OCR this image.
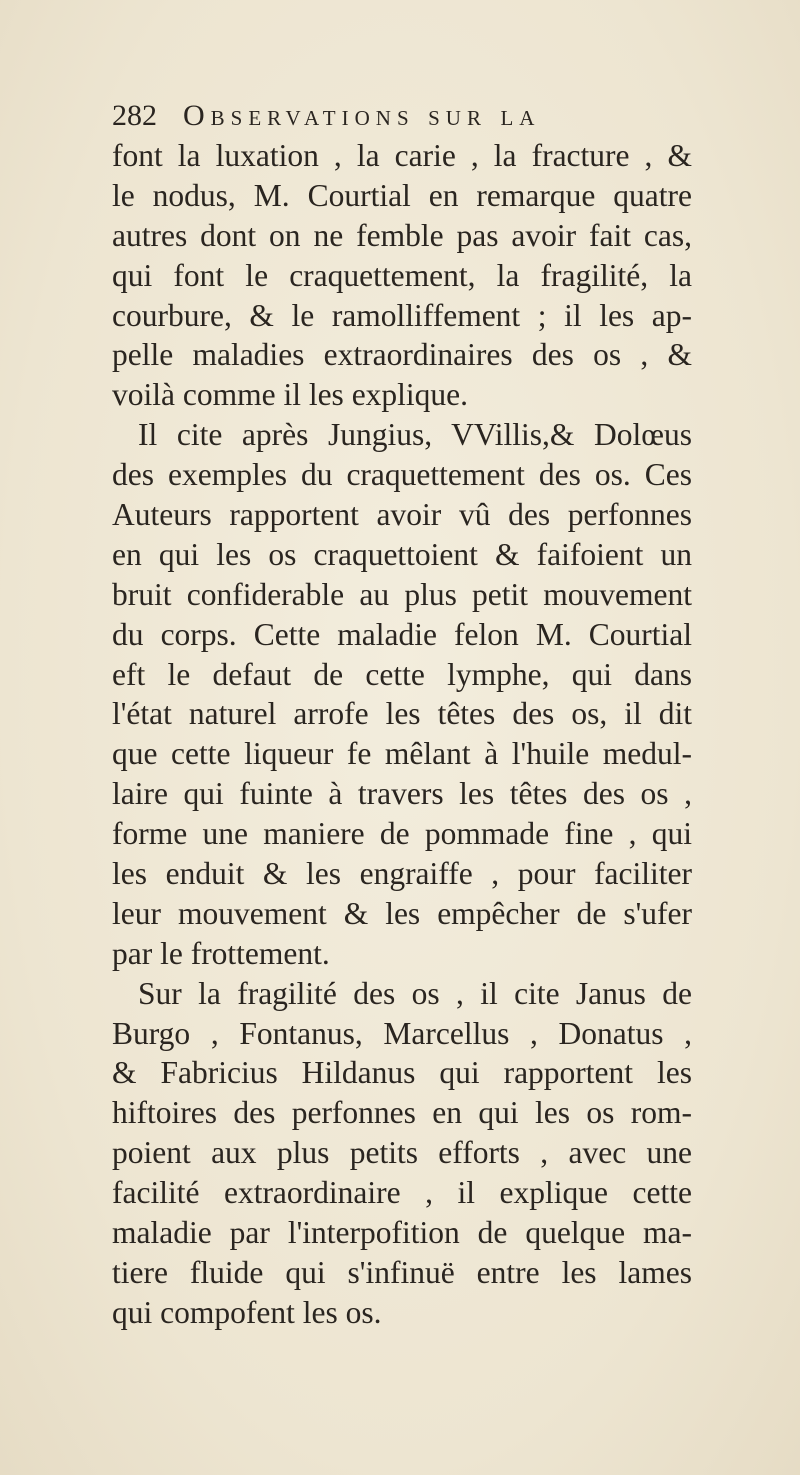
282 Observations sur la
font la luxation , la carie , la fracture , &
le nodus, M. Courtial en remarque quatre
autres dont on ne femble pas avoir fait cas,
qui font le craquettement, la fragilité, la
courbure, & le ramolliffement ; il les ap-
pelle maladies extraordinaires des os , &
voilà comme il les explique.
Il cite après Jungius, VVillis,& Dolœus
des exemples du craquettement des os. Ces
Auteurs rapportent avoir vû des perfonnes
en qui les os craquettoient & faifoient un
bruit confiderable au plus petit mouvement
du corps. Cette maladie felon M. Courtial
eft le defaut de cette lymphe, qui dans
l'état naturel arrofe les têtes des os, il dit
que cette liqueur fe mêlant à l'huile medul-
laire qui fuinte à travers les têtes des os ,
forme une maniere de pommade fine , qui
les enduit & les engraiffe , pour faciliter
leur mouvement & les empêcher de s'ufer
par le frottement.
Sur la fragilité des os , il cite Janus de
Burgo , Fontanus, Marcellus , Donatus ,
& Fabricius Hildanus qui rapportent les
hiftoires des perfonnes en qui les os rom-
poient aux plus petits efforts , avec une
facilité extraordinaire , il explique cette
maladie par l'interpofition de quelque ma-
tiere fluide qui s'infinuë entre les lames
qui compofent les os.
